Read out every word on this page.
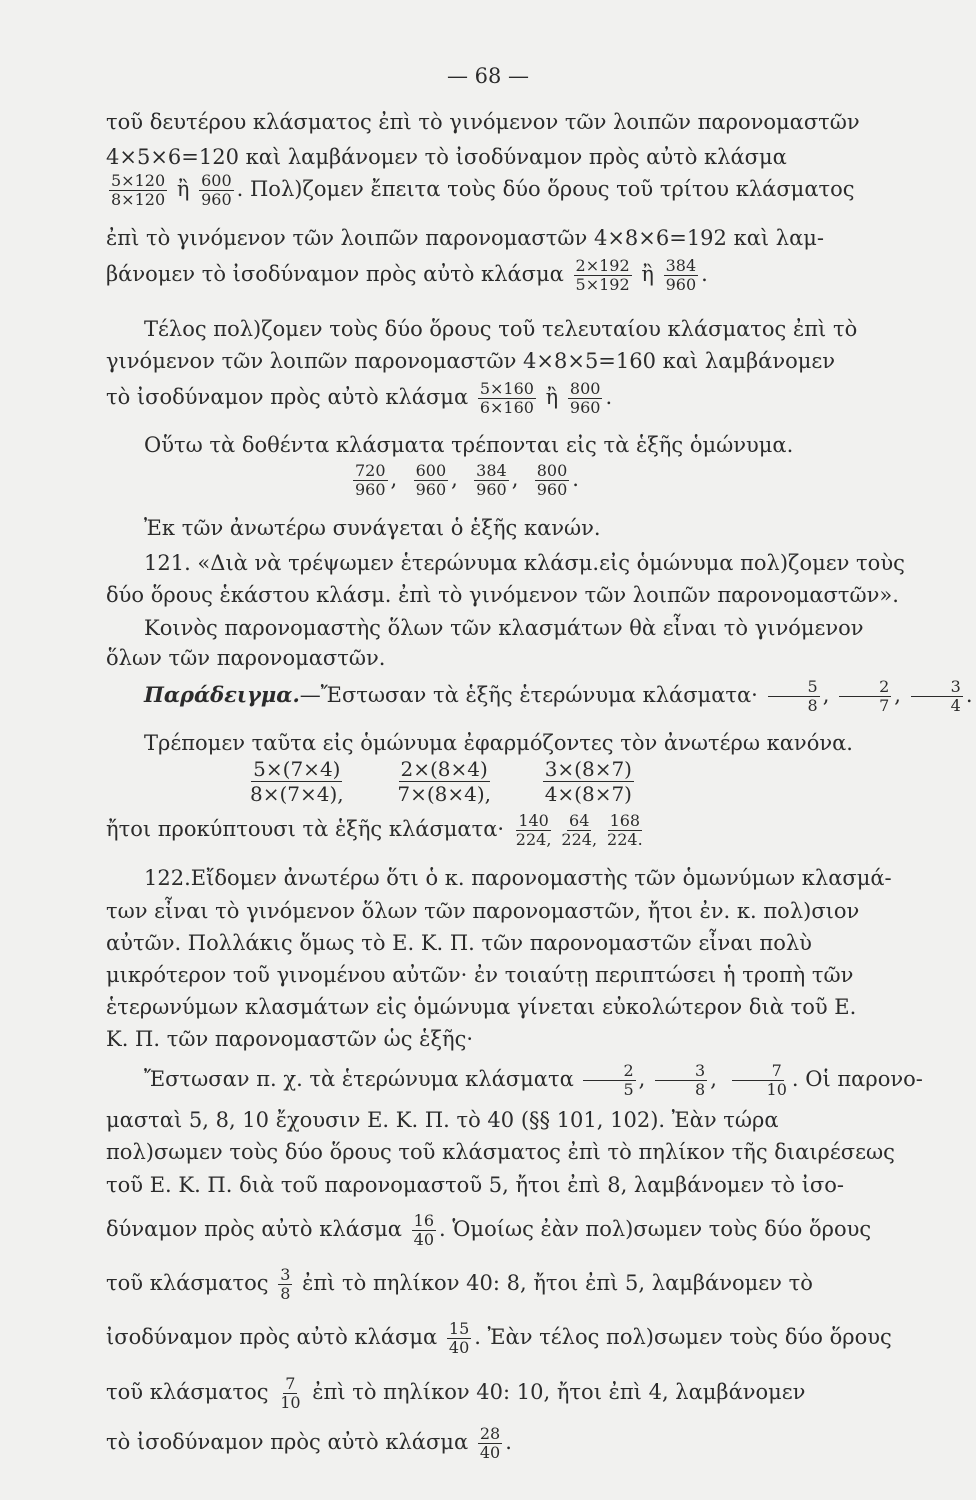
— 68 —
τοῦ δευτέρου κλάσματος ἐπὶ τὸ γινόμενον τῶν λοιπῶν παρονομαστῶν
4×5×6=120 καὶ λαμβάνομεν τὸ ἰσοδύναμον πρὸς αὐτὸ κλάσμα
$\frac{5\times 120}{8\times 120}$ ἢ $\frac{600}{960}$ . Πολ)ζομεν ἔπειτα τοὺς δύο ὅρους τοῦ τρίτου κλάσματος
ἐπὶ τὸ γινόμενον τῶν λοιπῶν παρονομαστῶν 4×8×6=192 καὶ λαμ-
βάνομεν τὸ ἰσοδύναμον πρὸς αὐτὸ κλάσμα $\frac{2\times 192}{5\times 192}$ ἢ $\frac{384}{960}$ .
Τέλος πολ)ζομεν τοὺς δύο ὅρους τοῦ τελευταίου κλάσματος ἐπὶ τὸ
γινόμενον τῶν λοιπῶν παρονομαστῶν 4×8×5=160 καὶ λαμβάνομεν
τὸ ἰσοδύναμον πρὸς αὐτὸ κλάσμα $\frac{5\times 160}{6\times 160}$ ἢ $\frac{800}{960}$ .
Οὕτω τὰ δοθέντα κλάσματα τρέπονται εἰς τὰ ἑξῆς ὁμώνυμα.
$\frac{720}{960}$ , $\frac{600}{960}$ , $\frac{384}{960}$ , $\frac{800}{960}$ .
Ἐκ τῶν ἀνωτέρω συνάγεται ὁ ἑξῆς κανών.
121. «Διὰ νὰ τρέψωμεν ἑτερώνυμα κλάσμ.εἰς ὁμώνυμα πολ)ζομεν τοὺς
δύο ὅρους ἑκάστου κλάσμ. ἐπὶ τὸ γινόμενον τῶν λοιπῶν παρονομαστῶν».
Κοινὸς παρονομαστὴς ὅλων τῶν κλασμάτων θὰ εἶναι τὸ γινόμενον
ὅλων τῶν παρονομαστῶν.
Παράδειγμα.—Ἔστωσαν τὰ ἑξῆς ἑτερώνυμα $\kappa\lambda ά\sigma\mu\alpha\tau\alpha\cdot \frac{5}{8}$ , $\frac{2}{7}$ , $\frac{3}{4}$ .
Τρέπομεν ταῦτα εἰς ὁμώνυμα ἐφαρμόζοντες τὸν ἀνωτέρω κανόνα.
$\frac{5\times(7\times 4)}{8\times(7\times 4),}$
$\frac{2\times(8\times 4)}{7\times(8\times 4),}$
$\frac{3\times(8\times 7)}{4\times(8\times 7)}$
ἤτοι προκύπτουσι τὰ ἑξῆς $\kappa\lambda ά\sigma\mu\alpha\tau\alpha\cdot \frac{140}{224,} \frac{64}{224,} \frac{168}{224.}$
122.Εἴδομεν ἀνωτέρω ὅτι ὁ κ. παρονομαστὴς τῶν ὁμωνύμων κλασμά-
των εἶναι τὸ γινόμενον ὅλων τῶν παρονομαστῶν, ἤτοι ἐν. κ. πολ)σιον
αὐτῶν. Πολλάκις ὅμως τὸ Ε. Κ. Π. τῶν παρονομαστῶν εἶναι πολὺ
μικρότερον τοῦ γινομένου αὐτῶν· ἐν τοιαύτῃ περιπτώσει ἡ τροπὴ τῶν
ἑτερωνύμων κλασμάτων εἰς ὁμώνυμα γίνεται εὐκολώτερον διὰ τοῦ Ε.
Κ. Π. τῶν παρονομαστῶν ὡς ἑξῆς·
Ἔστωσαν π. χ. τὰ ἑτερώνυμα κλάσματα $\frac{2}{5}$ , $\frac{3}{8}$ , $\frac{7}{10}$ . Οἱ παρονο-
μασταὶ 5, 8, 10 ἔχουσιν Ε. Κ. Π. τὸ 40 (§§ 101, 102). Ἐὰν τώρα
πολ)σωμεν τοὺς δύο ὅρους τοῦ κλάσματος ἐπὶ τὸ πηλίκον τῆς διαιρέσεως
τοῦ Ε. Κ. Π. διὰ τοῦ παρονομαστοῦ 5, ἤτοι ἐπὶ 8, λαμβάνομεν τὸ ἰσο-
δύναμον πρὸς αὐτὸ κλάσμα $\frac{16}{40}$ . Ὁμοίως ἐὰν πολ)σωμεν τοὺς δύο ὅρους
τοῦ κλάσματος $\frac{3}{8}$ ἐπὶ τὸ πηλίκον 40: 8, ἤτοι ἐπὶ 5, λαμβάνομεν τὸ
ἰσοδύναμον πρὸς αὐτὸ κλάσμα $\frac{15}{40}$ . Ἐὰν τέλος πολ)σωμεν τοὺς δύο ὅρους
τοῦ κλάσματος $\frac{7}{10}$ ἐπὶ τὸ πηλίκον 40: 10, ἤτοι ἐπὶ 4, λαμβάνομεν
τὸ ἰσοδύναμον πρὸς αὐτὸ κλάσμα $\frac{28}{40}$ .
